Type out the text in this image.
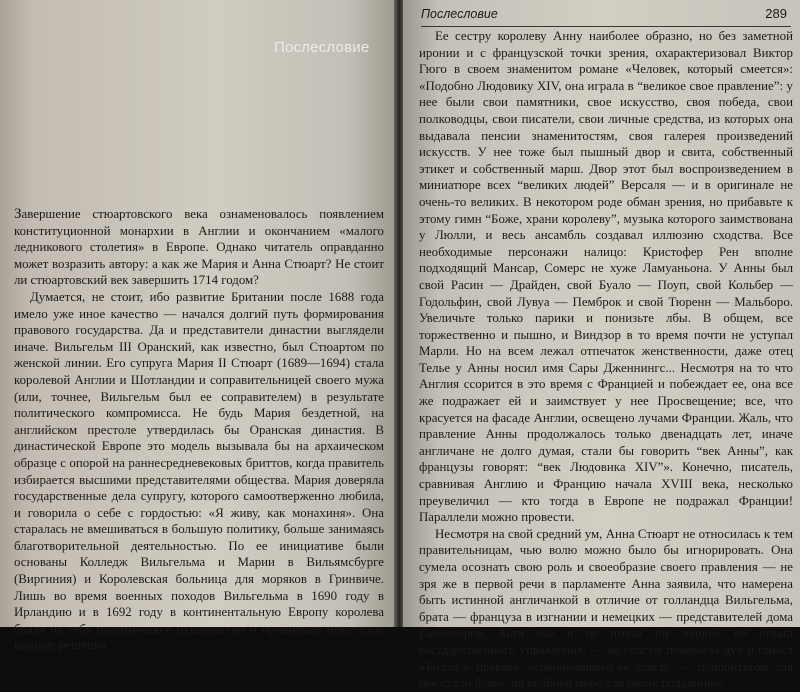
Послесловие

Завершение стюартовского века ознаменовалось появлением конституционной монархии в Англии и окончанием «малого ледникового столетия» в Европе. Однако читатель оправданно может возразить автору: а как же Мария и Анна Стюарт? Не стоит ли стюартовский век завершить 1714 годом?

Думается, не стоит, ибо развитие Британии после 1688 года имело уже иное качество — начался долгий путь формирования правового государства. Да и представители династии выглядели иначе. Вильгельм III Оранский, как известно, был Стюартом по женской линии. Его супруга Мария II Стюарт (1689—1694) стала королевой Англии и Шотландии и соправительницей своего мужа (или, точнее, Вильгельм был ее соправителем) в результате политического компромисса. Не будь Мария бездетной, на английском престоле утвердилась бы Оранская династия. В династической Европе это модель вызывала бы на архаическом образце с опорой на раннесредневековых бриттов, когда правитель избирается высшими представителями общества. Мария доверяла государственные дела супругу, которого самоотверженно любила, и говорила о себе с гордостью: «Я живу, как монахиня». Она старалась не вмешиваться в большую политику, больше занимаясь благотворительной деятельностью. По ее инициативе были основаны Колледж Вильгельма и Марии в Вильямсбурге (Виргиния) и Королевская больница для моряков в Гринвиче. Лишь во время военных походов Вильгельма в 1690 году в Ирландию и в 1692 году в континентальную Европу королева брала на себя политическое руководство и принимала некоторые важные решения.

Послесловие	289

Ее сестру королеву Анну наиболее образно, но без заметной иронии и с французской точки зрения, охарактеризовал Виктор Гюго в своем знаменитом романе «Человек, который смеется»: «Подобно Людовику XIV, она играла в “великое свое правление”: у нее были свои памятники, свое искусство, своя победа, свои полководцы, свои писатели, свои личные средства, из которых она выдавала пенсии знаменитостям, своя галерея произведений искусств. У нее тоже был пышный двор и свита, собственный этикет и собственный марш. Двор этот был воспроизведением в миниатюре всех “великих людей” Версаля — и в оригинале не очень-то великих. В некотором роде обман зрения, но прибавьте к этому гимн “Боже, храни королеву”, музыка которого заимствована у Люлли, и весь ансамбль создавал иллюзию сходства. Все необходимые персонажи налицо: Кристофер Рен вполне подходящий Мансар, Сомерс не хуже Ламуаньона. У Анны был свой Расин — Драйден, свой Буало — Поуп, свой Кольбер — Годольфин, свой Лувуа — Пемброк и свой Тюренн — Мальборо. Увеличьте только парики и понизьте лбы. В общем, все торжественно и пышно, и Виндзор в то время почти не уступал Марли. Но на всем лежал отпечаток женственности, даже отец Телье у Анны носил имя Сары Дженнингс... Несмотря на то что Англия ссорится в это время с Францией и побеждает ее, она все же подражает ей и заимствует у нее Просвещение; все, что красуется на фасаде Англии, освещено лучами Франции. Жаль, что правление Анны продолжалось только двенадцать лет, иначе англичане не долго думая, стали бы говорить “век Анны”, как французы говорят: “век Людовика XIV”». Конечно, писатель, сравнивая Англию и Францию начала XVIII века, несколько преувеличил — кто тогда в Европе не подражал Франции! Параллели можно провести.

Несмотря на свой средний ум, Анна Стюарт не относилась к тем правительницам, чью волю можно было бы игнорировать. Она сумела осознать свою роль и своеобразие своего правления — не зря же в первой речи в парламенте Анна заявила, что намерена быть истинной англичанкой в отличие от голландца Вильгельма, брата — француза в изгнании и немецких — представителей дома Ганноверов. Хотя она и не имела ни знаний, ни опыта государственного управления, — не совсем понимала дух и смысл «Билля о правах», ограничившего ее власть, — приоритетом для нее стали благо, по крайней мере для своих подданных.
